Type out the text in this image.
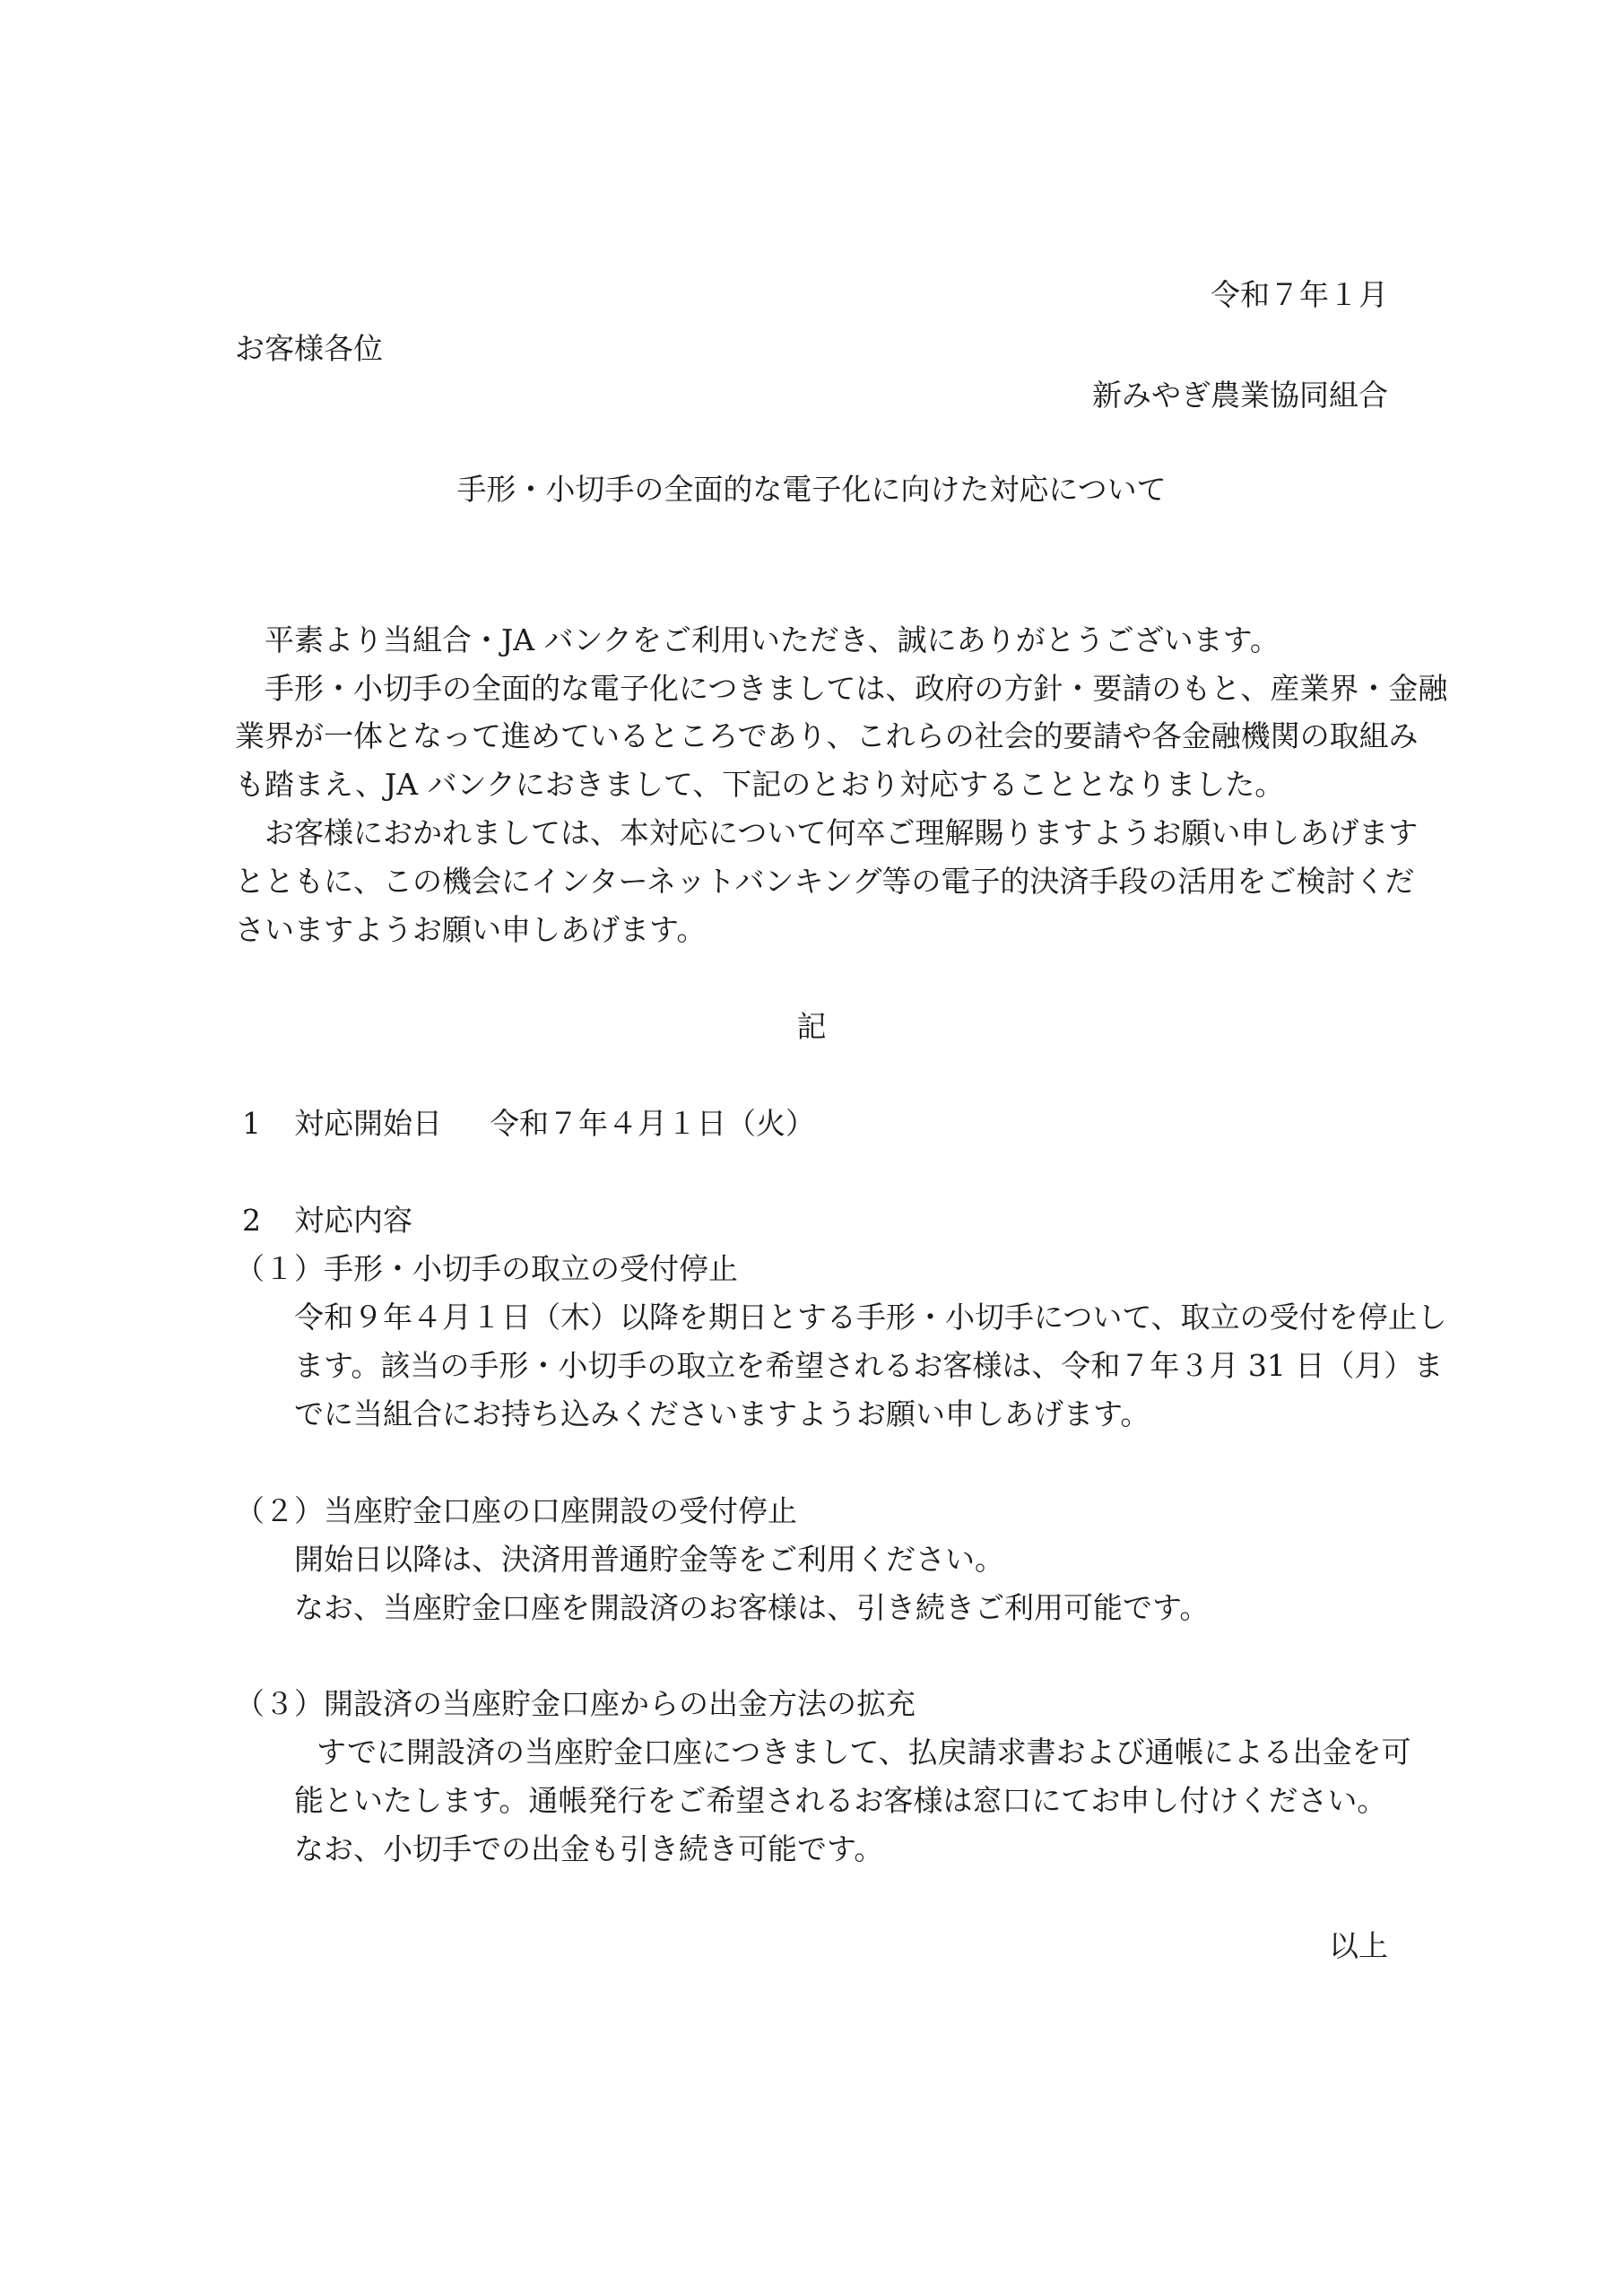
令和７年１月
お客様各位
新みやぎ農業協同組合
手形・小切手の全面的な電子化に向けた対応について
平素より当組合・JA バンクをご利用いただき、誠にありがとうございます。
手形・小切手の全面的な電子化につきましては、政府の方針・要請のもと、産業界・金融
業界が一体となって進めているところであり、これらの社会的要請や各金融機関の取組み
も踏まえ、JA バンクにおきまして、下記のとおり対応することとなりました。
お客様におかれましては、本対応について何卒ご理解賜りますようお願い申しあげます
とともに、この機会にインターネットバンキング等の電子的決済手段の活用をご検討くだ
さいますようお願い申しあげます。
記
1 対応開始日 令和７年４月１日（火）
2 対応内容
（１）手形・小切手の取立の受付停止
令和９年４月１日（木）以降を期日とする手形・小切手について、取立の受付を停止し
ます。該当の手形・小切手の取立を希望されるお客様は、令和７年３月 31 日（月）ま
でに当組合にお持ち込みくださいますようお願い申しあげます。
（２）当座貯金口座の口座開設の受付停止
開始日以降は、決済用普通貯金等をご利用ください。
なお、当座貯金口座を開設済のお客様は、引き続きご利用可能です。
（３）開設済の当座貯金口座からの出金方法の拡充
すでに開設済の当座貯金口座につきまして、払戻請求書および通帳による出金を可
能といたします。通帳発行をご希望されるお客様は窓口にてお申し付けください。
なお、小切手での出金も引き続き可能です。
以上
